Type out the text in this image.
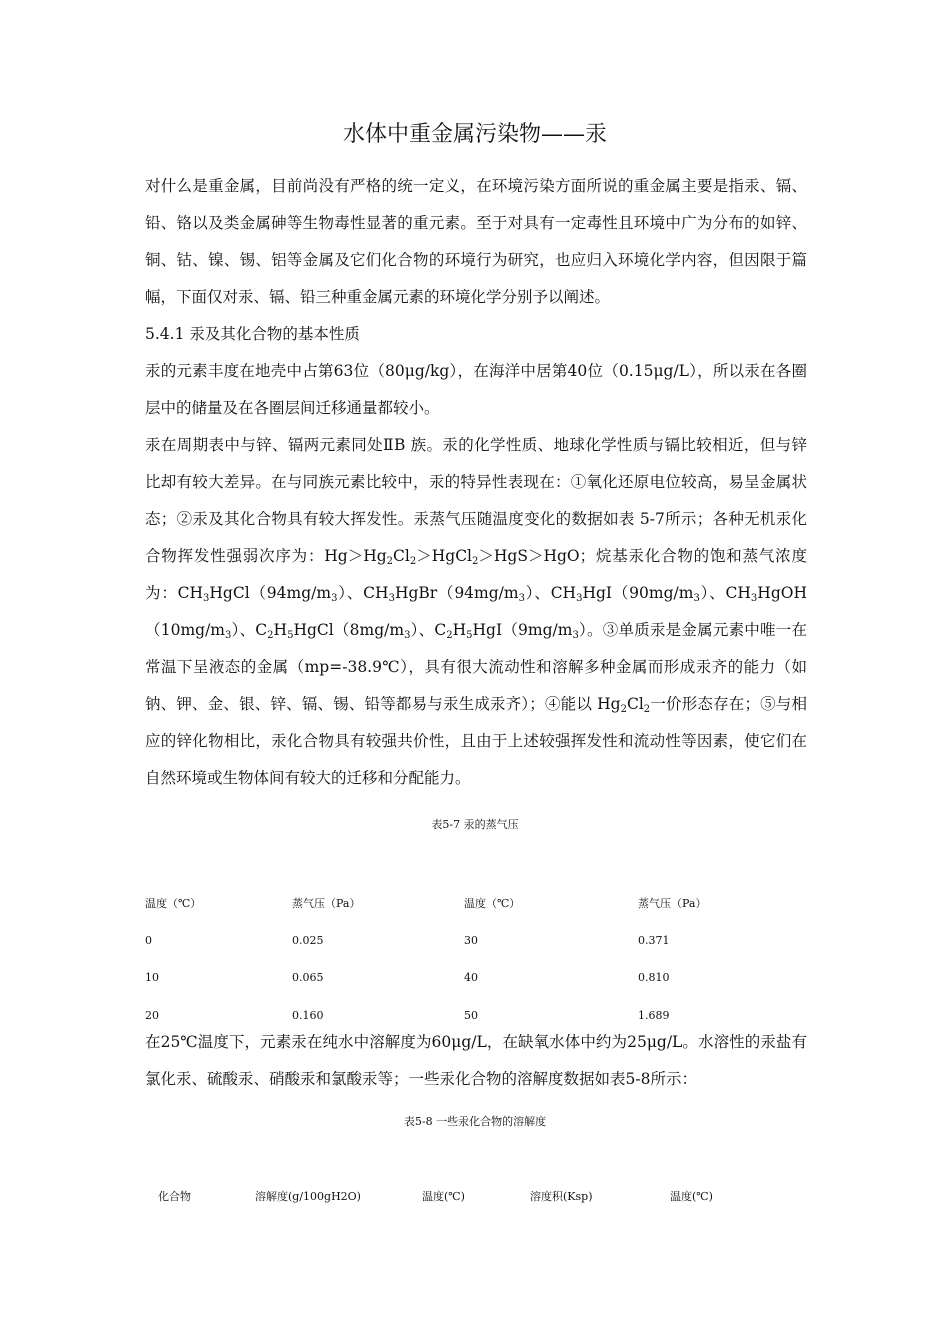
水体中重金属污染物——汞

对什么是重金属，目前尚没有严格的统一定义，在环境污染方面所说的重金属主要是指汞、镉、铅、铬以及类金属砷等生物毒性显著的重元素。至于对具有一定毒性且环境中广为分布的如锌、铜、钴、镍、锡、铝等金属及它们化合物的环境行为研究，也应归入环境化学内容，但因限于篇幅，下面仅对汞、镉、铅三种重金属元素的环境化学分别予以阐述。

5.4.1 汞及其化合物的基本性质

汞的元素丰度在地壳中占第63位（80μg/kg），在海洋中居第40位（0.15μg/L），所以汞在各圈层中的储量及在各圈层间迁移通量都较小。

汞在周期表中与锌、镉两元素同处ⅡB 族。汞的化学性质、地球化学性质与镉比较相近，但与锌比却有较大差异。在与同族元素比较中，汞的特异性表现在：①氧化还原电位较高，易呈金属状态；②汞及其化合物具有较大挥发性。汞蒸气压随温度变化的数据如表 5-7所示；各种无机汞化合物挥发性强弱次序为：$Hg>Hg_2Cl_2>HgCl_2>HgS>HgO$；烷基汞化合物的饱和蒸气浓度为：$CH_3HgCl(94mg/m_3)$、$CH_3HgBr(94mg/m_3)$、$CH_3HgI(90mg/m_3)$、$CH_3HgOH(10mg/m_3)$、$C_2H_5HgCl(8mg/m_3)$、$C_2H_5HgI(9mg/m_3)$。③单质汞是金属元素中唯一在常温下呈液态的金属（mp=-38.9℃），具有很大流动性和溶解多种金属而形成汞齐的能力（如钠、钾、金、银、锌、镉、锡、铅等都易与汞生成汞齐）；④能以 $Hg_2Cl_2$一价形态存在；⑤与相应的锌化物相比，汞化合物具有较强共价性，且由于上述较强挥发性和流动性等因素，使它们在自然环境或生物体间有较大的迁移和分配能力。

表5-7 汞的蒸气压
温度（℃）	蒸气压（Pa）	温度（℃）	蒸气压（Pa）
0	0.025	30	0.371
10	0.065	40	0.810
20	0.160	50	1.689

在25℃温度下，元素汞在纯水中溶解度为60μg/L，在缺氧水体中约为25μg/L。水溶性的汞盐有氯化汞、硫酸汞、硝酸汞和氯酸汞等；一些汞化合物的溶解度数据如表5-8所示：

表5-8 一些汞化合物的溶解度
化合物	溶解度(g/100gH2O)	温度(℃)	溶度积(Ksp)	温度(℃)
